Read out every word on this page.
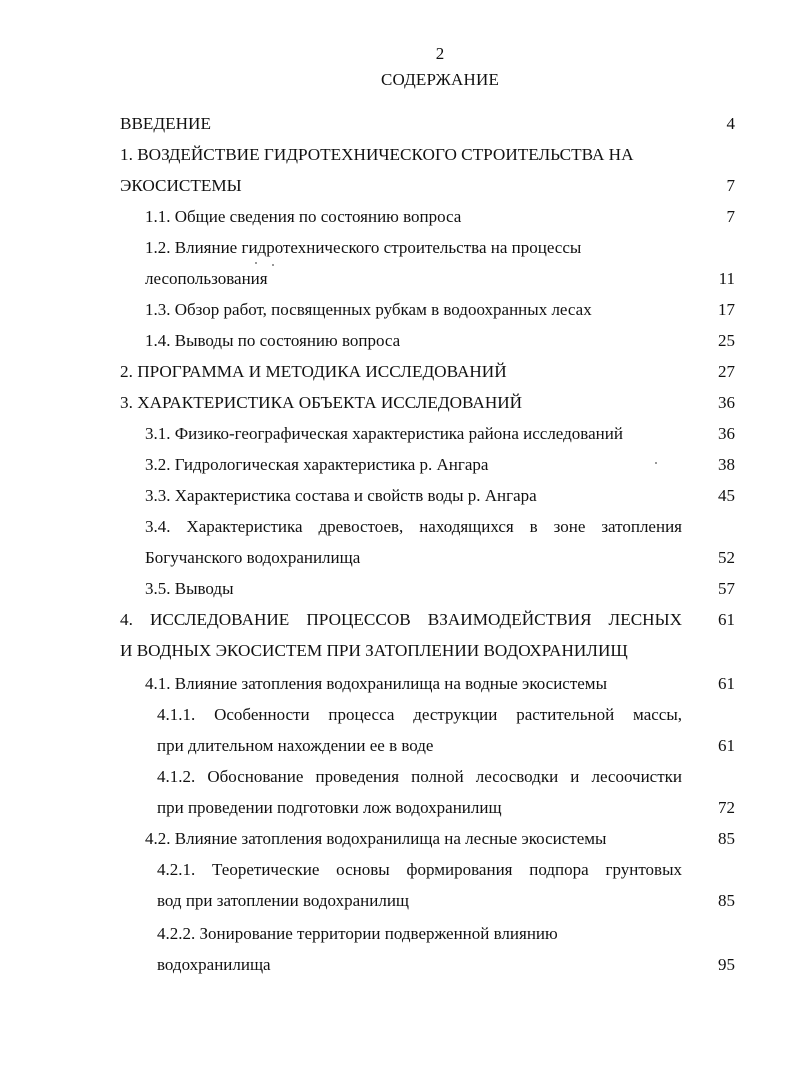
2
СОДЕРЖАНИЕ
ВВЕДЕНИЕ	4
1. ВОЗДЕЙСТВИЕ ГИДРОТЕХНИЧЕСКОГО СТРОИТЕЛЬСТВА НА
ЭКОСИСТЕМЫ	7
1.1. Общие сведения по состоянию вопроса	7
1.2. Влияние гидротехнического строительства на процессы
лесопользования	11
1.3. Обзор работ, посвященных рубкам в водоохранных лесах	17
1.4. Выводы по состоянию вопроса	25
2. ПРОГРАММА И МЕТОДИКА ИССЛЕДОВАНИЙ	27
3. ХАРАКТЕРИСТИКА ОБЪЕКТА ИССЛЕДОВАНИЙ	36
3.1. Физико-географическая характеристика района исследований	36
3.2. Гидрологическая характеристика р. Ангара	38
3.3. Характеристика состава и свойств воды р. Ангара	45
3.4. Характеристика древостоев, находящихся в зоне затопления
Богучанского водохранилища	52
3.5. Выводы	57
4. ИССЛЕДОВАНИЕ ПРОЦЕССОВ ВЗАИМОДЕЙСТВИЯ ЛЕСНЫХ	61
И ВОДНЫХ ЭКОСИСТЕМ ПРИ ЗАТОПЛЕНИИ ВОДОХРАНИЛИЩ
4.1. Влияние затопления водохранилища на водные экосистемы	61
4.1.1. Особенности процесса деструкции растительной массы,
при длительном нахождении ее в воде	61
4.1.2. Обоснование проведения полной лесосводки и лесоочистки
при проведении подготовки лож водохранилищ	72
4.2. Влияние затопления водохранилища на лесные экосистемы	85
4.2.1. Теоретические основы формирования подпора грунтовых
вод при затоплении водохранилищ	85
4.2.2. Зонирование территории подверженной влиянию
водохранилища	95
